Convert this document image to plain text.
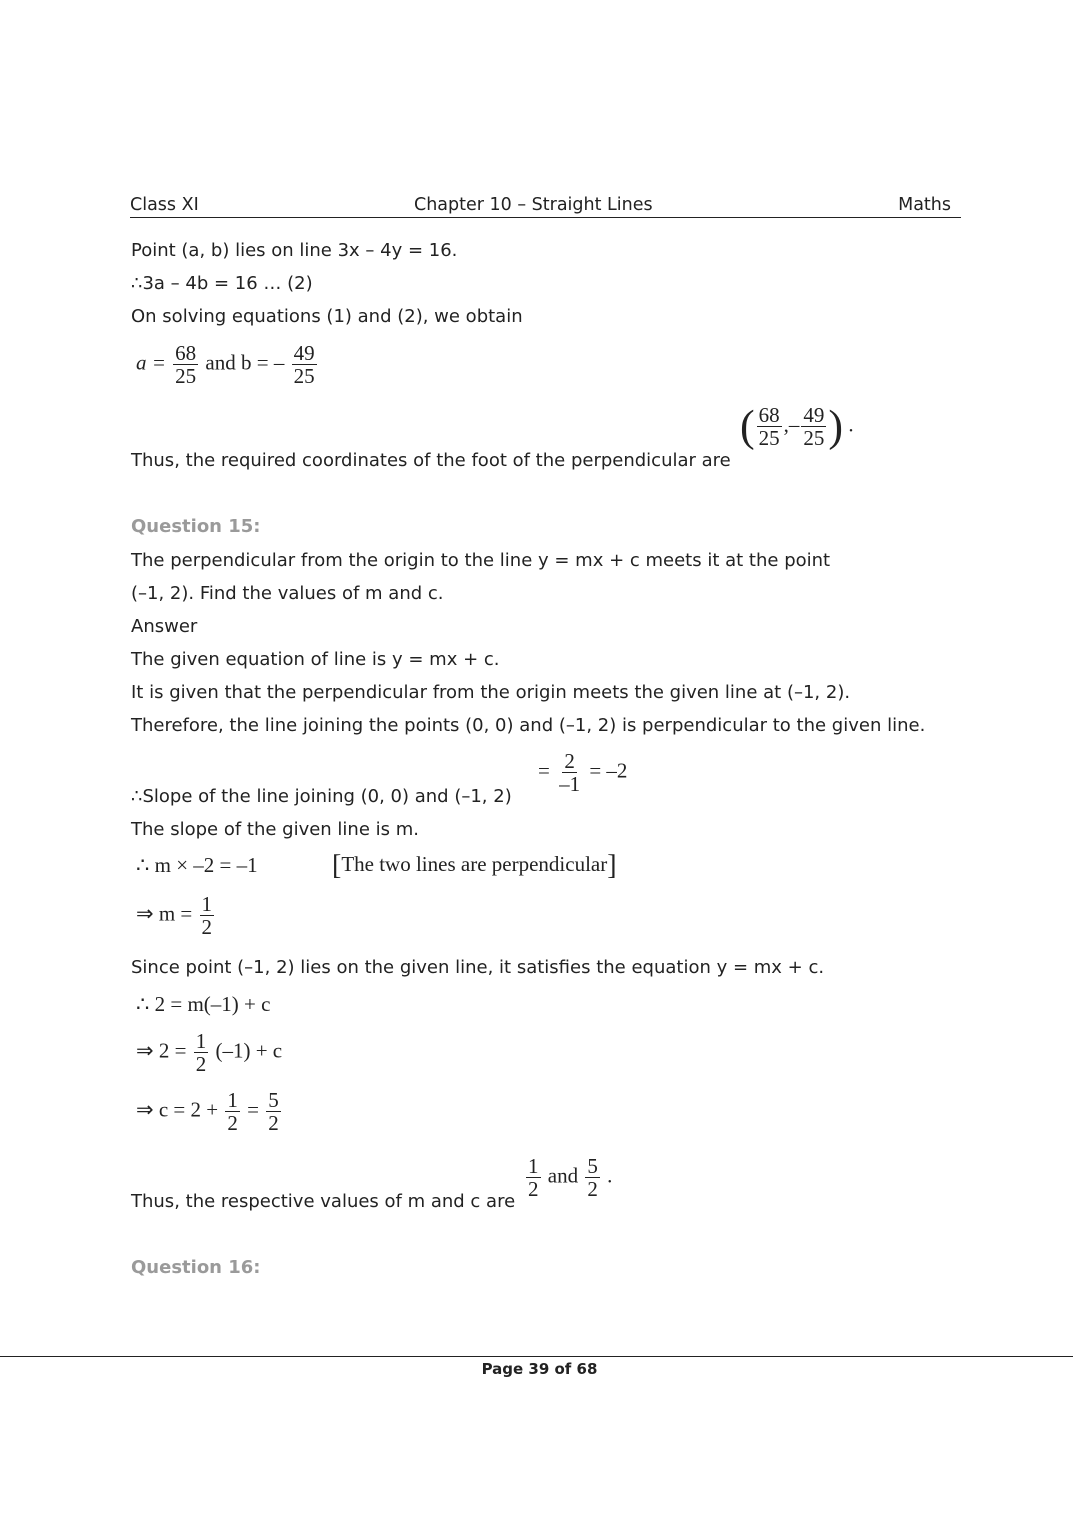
Class XI	Chapter 10 – Straight Lines	Maths
Point (a, b) lies on line 3x – 4y = 16.
∴3a – 4b = 16 … (2)
On solving equations (1) and (2), we obtain
$a = \frac{68}{25}$ and b = – $\frac{49}{25}$
Thus, the required coordinates of the foot of the perpendicular are
( $\frac{68}{25}$ ,– $\frac{49}{25}$ ) .
Question 15:
The perpendicular from the origin to the line y = mx + c meets it at the point
(–1, 2). Find the values of m and c.
Answer
The given equation of line is y = mx + c.
It is given that the perpendicular from the origin meets the given line at (–1, 2).
Therefore, the line joining the points (0, 0) and (–1, 2) is perpendicular to the given line.
∴Slope of the line joining (0, 0) and (–1, 2)
= $\frac{2}{-1} = -2$
The slope of the given line is m.
∴ m × –2 = –1	[The two lines are perpendicular]
⇒ $m = \frac{1}{2}$
Since point (–1, 2) lies on the given line, it satisfies the equation y = mx + c.
∴ 2 = m(–1) + c
⇒ $2 = \frac{1}{2} (-1) + c$
⇒ $c = 2 + \frac{1}{2} = \frac{5}{2}$
Thus, the respective values of m and c are
$\frac{1}{2}$ and $\frac{5}{2}$ .
Question 16:
Page 39 of 68
